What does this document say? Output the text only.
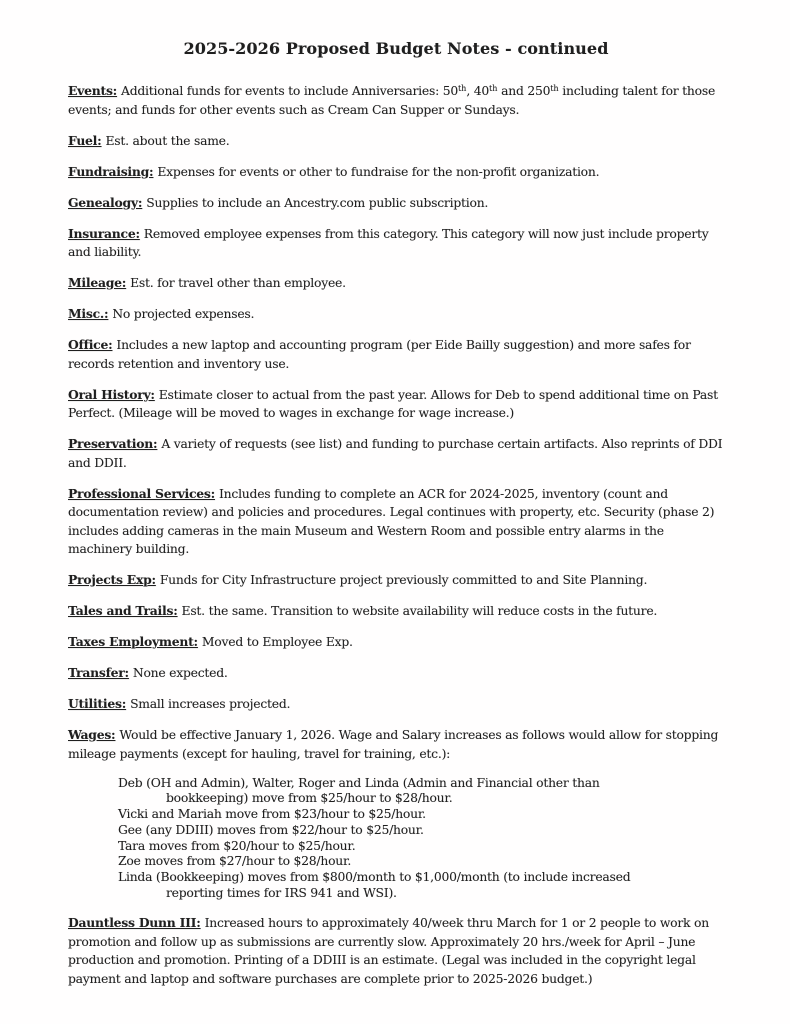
2025-2026 Proposed Budget Notes - continued

Events: Additional funds for events to include Anniversaries: 50th, 40th and 250th including talent for those events; and funds for other events such as Cream Can Supper or Sundays.

Fuel: Est. about the same.

Fundraising: Expenses for events or other to fundraise for the non-profit organization.

Genealogy: Supplies to include an Ancestry.com public subscription.

Insurance: Removed employee expenses from this category. This category will now just include property and liability.

Mileage: Est. for travel other than employee.

Misc.: No projected expenses.

Office: Includes a new laptop and accounting program (per Eide Bailly suggestion) and more safes for records retention and inventory use.

Oral History: Estimate closer to actual from the past year. Allows for Deb to spend additional time on Past Perfect. (Mileage will be moved to wages in exchange for wage increase.)

Preservation: A variety of requests (see list) and funding to purchase certain artifacts. Also reprints of DDI and DDII.

Professional Services: Includes funding to complete an ACR for 2024-2025, inventory (count and documentation review) and policies and procedures. Legal continues with property, etc. Security (phase 2) includes adding cameras in the main Museum and Western Room and possible entry alarms in the machinery building.

Projects Exp: Funds for City Infrastructure project previously committed to and Site Planning.

Tales and Trails: Est. the same. Transition to website availability will reduce costs in the future.

Taxes Employment: Moved to Employee Exp.

Transfer: None expected.

Utilities: Small increases projected.

Wages: Would be effective January 1, 2026. Wage and Salary increases as follows would allow for stopping mileage payments (except for hauling, travel for training, etc.):

Deb (OH and Admin), Walter, Roger and Linda (Admin and Financial other than bookkeeping) move from $25/hour to $28/hour.

Vicki and Mariah move from $23/hour to $25/hour.

Gee (any DDIII) moves from $22/hour to $25/hour.

Tara moves from $20/hour to $25/hour.

Zoe moves from $27/hour to $28/hour.

Linda (Bookkeeping) moves from $800/month to $1,000/month (to include increased reporting times for IRS 941 and WSI).

Dauntless Dunn III: Increased hours to approximately 40/week thru March for 1 or 2 people to work on promotion and follow up as submissions are currently slow. Approximately 20 hrs./week for April – June production and promotion. Printing of a DDIII is an estimate. (Legal was included in the copyright legal payment and laptop and software purchases are complete prior to 2025-2026 budget.)
